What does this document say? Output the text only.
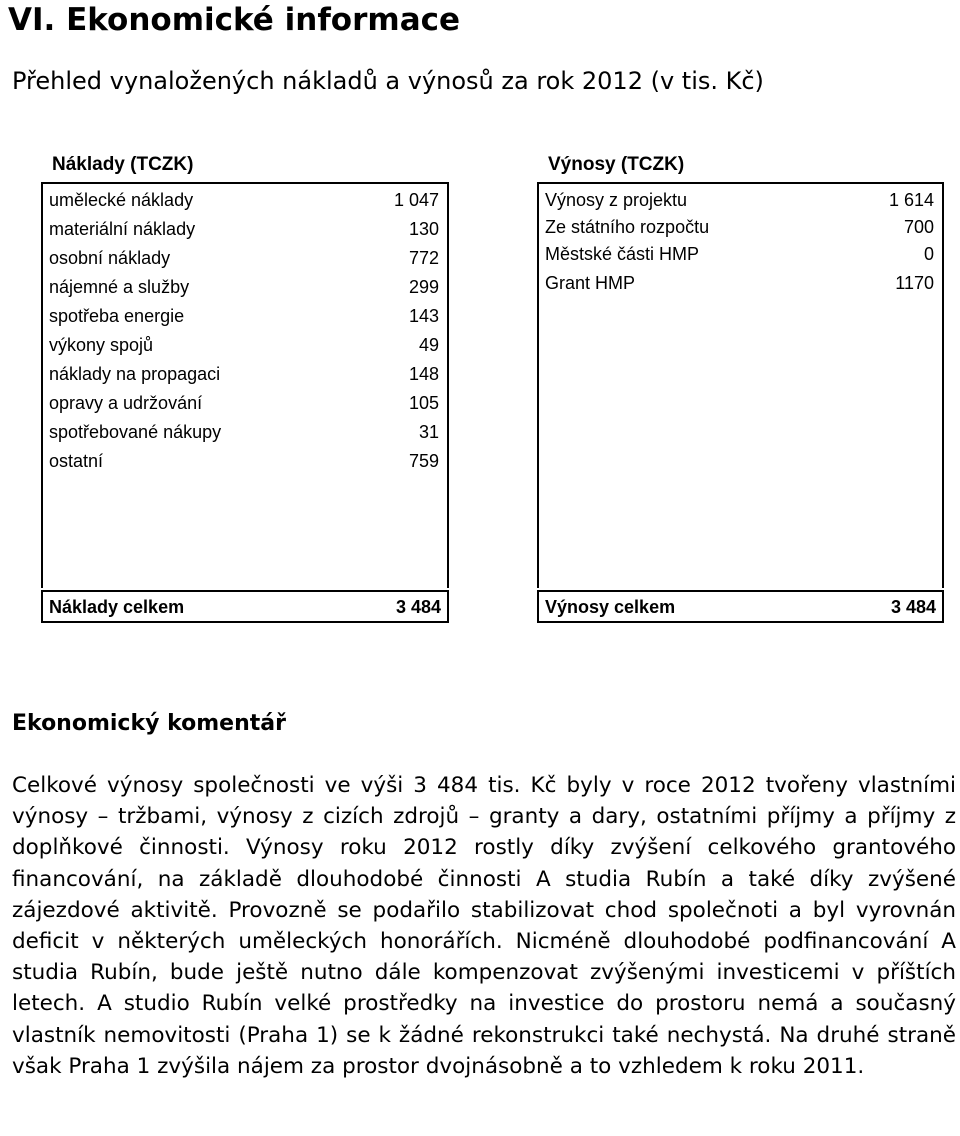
VI. Ekonomické informace
Přehled vynaložených nákladů a výnosů za rok 2012 (v tis. Kč)
Náklady (TCZK)
umělecké náklady	1 047
materiální náklady	130
osobní náklady	772
nájemné a služby	299
spotřeba energie	143
výkony spojů	49
náklady na propagaci	148
opravy a udržování	105
spotřebované nákupy	31
ostatní	759
Náklady celkem	3 484
Výnosy (TCZK)
Výnosy z projektu	1 614
Ze státního rozpočtu	700
Městské části HMP	0
Grant HMP	1170
Výnosy celkem	3 484
Ekonomický komentář

Celkové výnosy společnosti ve výši 3 484 tis. Kč byly v roce 2012 tvořeny vlastními výnosy – tržbami, výnosy z cizích zdrojů – granty a dary, ostatními příjmy a příjmy z doplňkové činnosti. Výnosy roku 2012 rostly díky zvýšení celkového grantového financování, na základě dlouhodobé činnosti A studia Rubín a také díky zvýšené zájezdové aktivitě. Provozně se podařilo stabilizovat chod společnoti a byl vyrovnán deficit v některých uměleckých honorářích. Nicméně dlouhodobé podfinancování A studia Rubín, bude ještě nutno dále kompenzovat zvýšenými investicemi v příštích letech. A studio Rubín velké prostředky na investice do prostoru nemá a současný vlastník nemovitosti (Praha 1) se k žádné rekonstrukci také nechystá. Na druhé straně však Praha 1 zvýšila nájem za prostor dvojnásobně a to vzhledem k roku 2011.
